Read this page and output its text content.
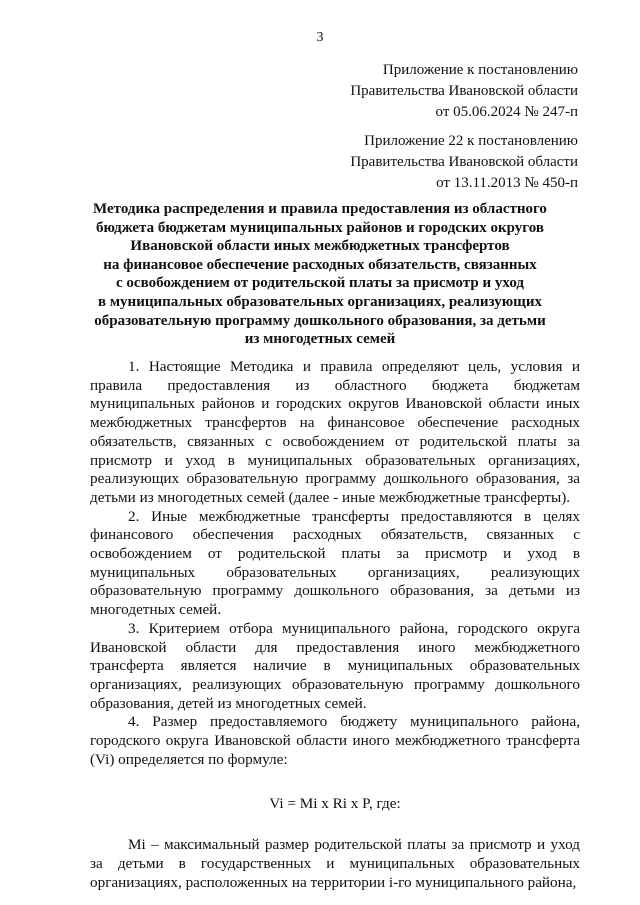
3
Приложение к постановлению
Правительства Ивановской области
от 05.06.2024 № 247-п
Приложение 22 к постановлению
Правительства Ивановской области
от 13.11.2013 № 450-п
Методика распределения и правила предоставления из областного
бюджета бюджетам муниципальных районов и городских округов
Ивановской области иных межбюджетных трансфертов
на финансовое обеспечение расходных обязательств, связанных
с освобождением от родительской платы за присмотр и уход
в муниципальных образовательных организациях, реализующих
образовательную программу дошкольного образования, за детьми
из многодетных семей

1. Настоящие Методика и правила определяют цель, условия и правила предоставления из областного бюджета бюджетам муниципальных районов и городских округов Ивановской области иных межбюджетных трансфертов на финансовое обеспечение расходных обязательств, связанных с освобождением от родительской платы за присмотр и уход в муниципальных образовательных организациях, реализующих образовательную программу дошкольного образования, за детьми из многодетных семей (далее - иные межбюджетные трансферты).

2. Иные межбюджетные трансферты предоставляются в целях финансового обеспечения расходных обязательств, связанных с освобождением от родительской платы за присмотр и уход в муниципальных образовательных организациях, реализующих образовательную программу дошкольного образования, за детьми из многодетных семей.

3. Критерием отбора муниципального района, городского округа Ивановской области для предоставления иного межбюджетного трансферта является наличие в муниципальных образовательных организациях, реализующих образовательную программу дошкольного образования, детей из многодетных семей.

4. Размер предоставляемого бюджету муниципального района, городского округа Ивановской области иного межбюджетного трансферта (Vi) определяется по формуле:

Vi = Mi x Ri x P, где:

Mi – максимальный размер родительской платы за присмотр и уход за детьми в государственных и муниципальных образовательных организациях, расположенных на территории i-го муниципального района,
